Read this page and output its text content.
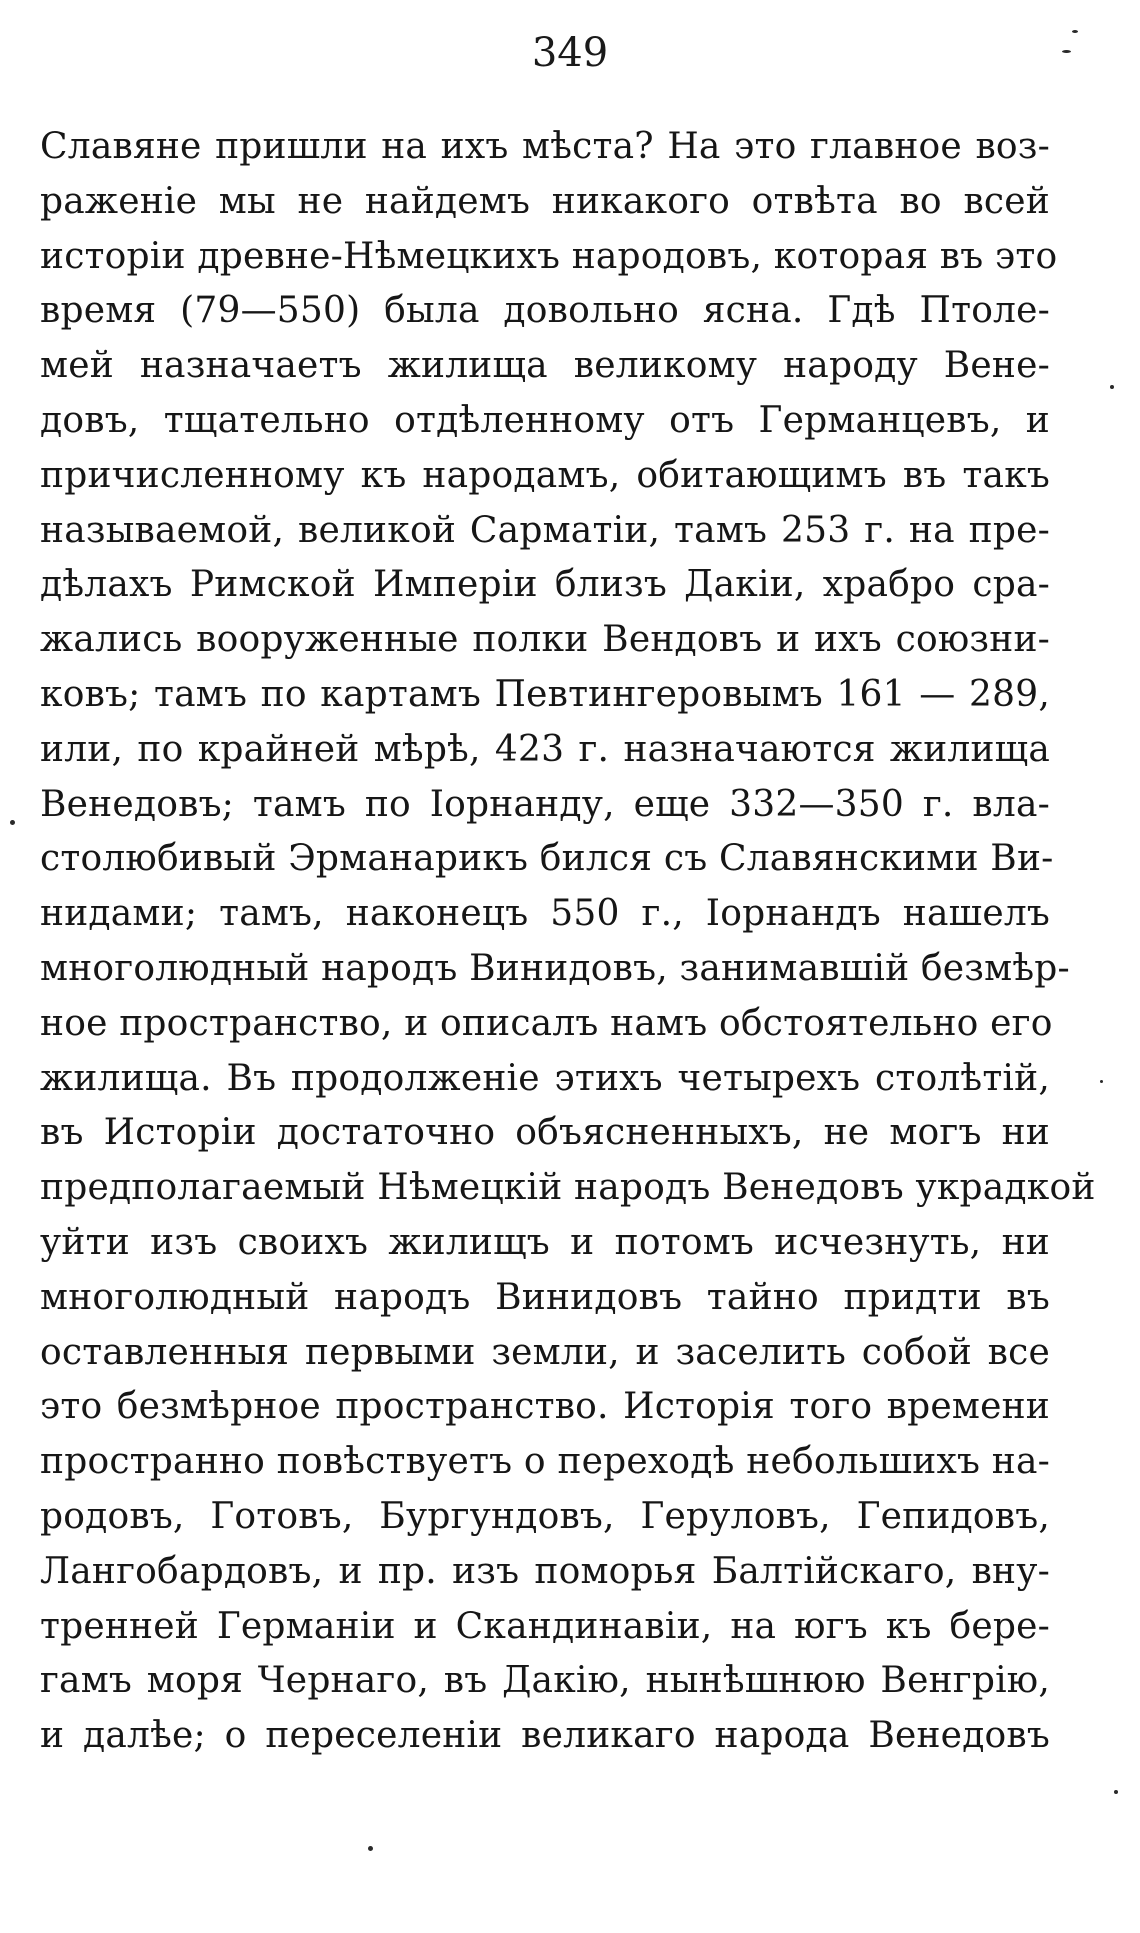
349
Славяне пришли на ихъ мѣста? На это главное воз-
раженіе мы не найдемъ никакого отвѣта во всей
исторіи древне-Нѣмецкихъ народовъ, которая въ это
время (79—550) была довольно ясна. Гдѣ Птоле-
мей назначаетъ жилища великому народу Вене-
довъ, тщательно отдѣленному отъ Германцевъ, и
причисленному къ народамъ, обитающимъ въ такъ
называемой, великой Сарматіи, тамъ 253 г. на пре-
дѣлахъ Римской Имперіи близъ Дакіи, храбро сра-
жались вооруженные полки Вендовъ и ихъ союзни-
ковъ; тамъ по картамъ Певтингеровымъ 161 — 289,
или, по крайней мѣрѣ, 423 г. назначаются жилища
Венедовъ; тамъ по Іорнанду, еще 332—350 г. вла-
столюбивый Эрманарикъ бился съ Славянскими Ви-
нидами; тамъ, наконецъ 550 г., Іорнандъ нашелъ
многолюдный народъ Винидовъ, занимавшій безмѣр-
ное пространство, и описалъ намъ обстоятельно его
жилища. Въ продолженіе этихъ четырехъ столѣтій,
въ Исторіи достаточно объясненныхъ, не могъ ни
предполагаемый Нѣмецкій народъ Венедовъ украдкой
уйти изъ своихъ жилищъ и потомъ исчезнуть, ни
многолюдный народъ Винидовъ тайно придти въ
оставленныя первыми земли, и заселить собой все
это безмѣрное пространство. Исторія того времени
пространно повѣствуетъ о переходѣ небольшихъ на-
родовъ, Готовъ, Бургундовъ, Геруловъ, Гепидовъ,
Лангобардовъ, и пр. изъ поморья Балтійскаго, вну-
тренней Германіи и Скандинавіи, на югъ къ бере-
гамъ моря Чернаго, въ Дакію, нынѣшнюю Венгрію,
и далѣе; о переселеніи великаго народа Венедовъ
